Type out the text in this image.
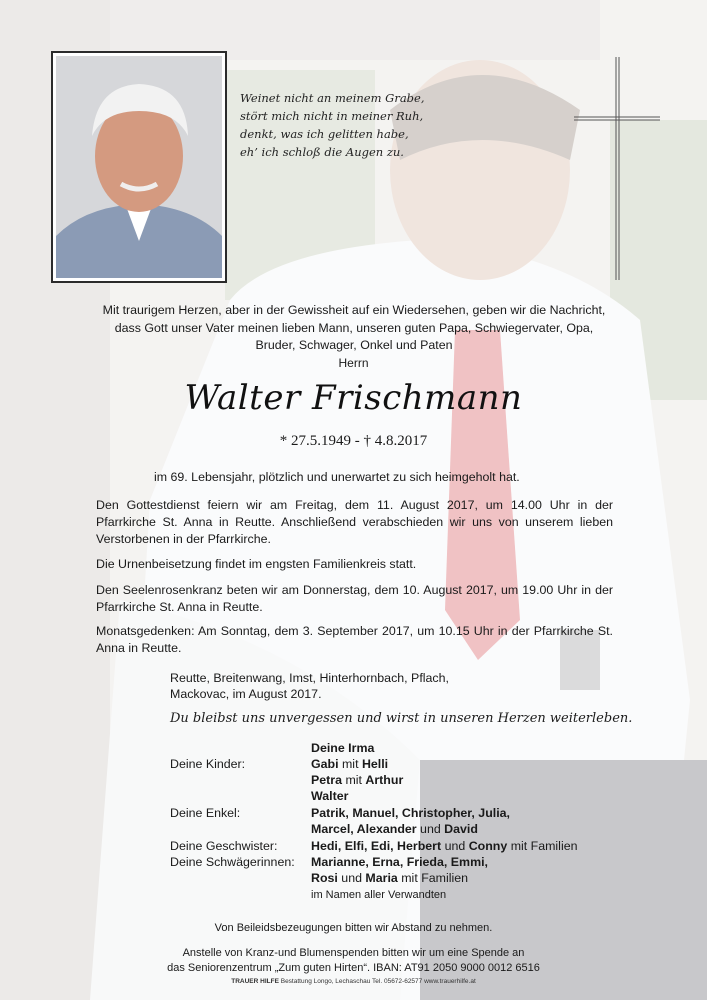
Weinet nicht an meinem Grabe,
stört mich nicht in meiner Ruh,
denkt, was ich gelitten habe,
eh’ ich schloß die Augen zu.
Mit traurigem Herzen, aber in der Gewissheit auf ein Wiedersehen, geben wir die Nachricht, dass Gott unser Vater meinen lieben Mann, unseren guten Papa, Schwiegervater, Opa, Bruder, Schwager, Onkel und Paten
Herrn
Walter Frischmann
* 27.5.1949 - † 4.8.2017
im 69. Lebensjahr, plötzlich und unerwartet zu sich heimgeholt hat.
Den Gottestdienst feiern wir am Freitag, dem 11. August 2017, um 14.00 Uhr in der Pfarrkirche St. Anna in Reutte. Anschließend verabschieden wir uns von unserem lieben Verstorbenen in der Pfarrkirche.
Die Urnenbeisetzung findet im engsten Familienkreis statt.
Den Seelenrosenkranz beten wir am Donnerstag, dem 10. August 2017, um 19.00 Uhr in der Pfarrkirche St. Anna in Reutte.
Monatsgedenken: Am Sonntag, dem 3. September 2017, um 10.15 Uhr in der Pfarrkirche St. Anna in Reutte.
Reutte, Breitenwang, Imst, Hinterhornbach, Pflach,
Mackovac, im August 2017.
Du bleibst uns unvergessen und wirst in unseren Herzen weiterleben.
Deine Irma
Deine Kinder:	Gabi mit Helli
Petra mit Arthur
Walter
Deine Enkel:	Patrik, Manuel, Christopher, Julia,
Marcel, Alexander und David
Deine Geschwister:	Hedi, Elfi, Edi, Herbert und Conny mit Familien
Deine Schwägerinnen: Marianne, Erna, Frieda, Emmi,
Rosi und Maria mit Familien
im Namen aller Verwandten
Von Beileidsbezeugungen bitten wir Abstand zu nehmen.
Anstelle von Kranz-und Blumenspenden bitten wir um eine Spende an
das Seniorenzentrum „Zum guten Hirten“. IBAN: AT91 2050 9000 0012 6516
TRAUER HILFE Bestattung Longo, Lechaschau Tel. 05672-62577 www.trauerhilfe.at
